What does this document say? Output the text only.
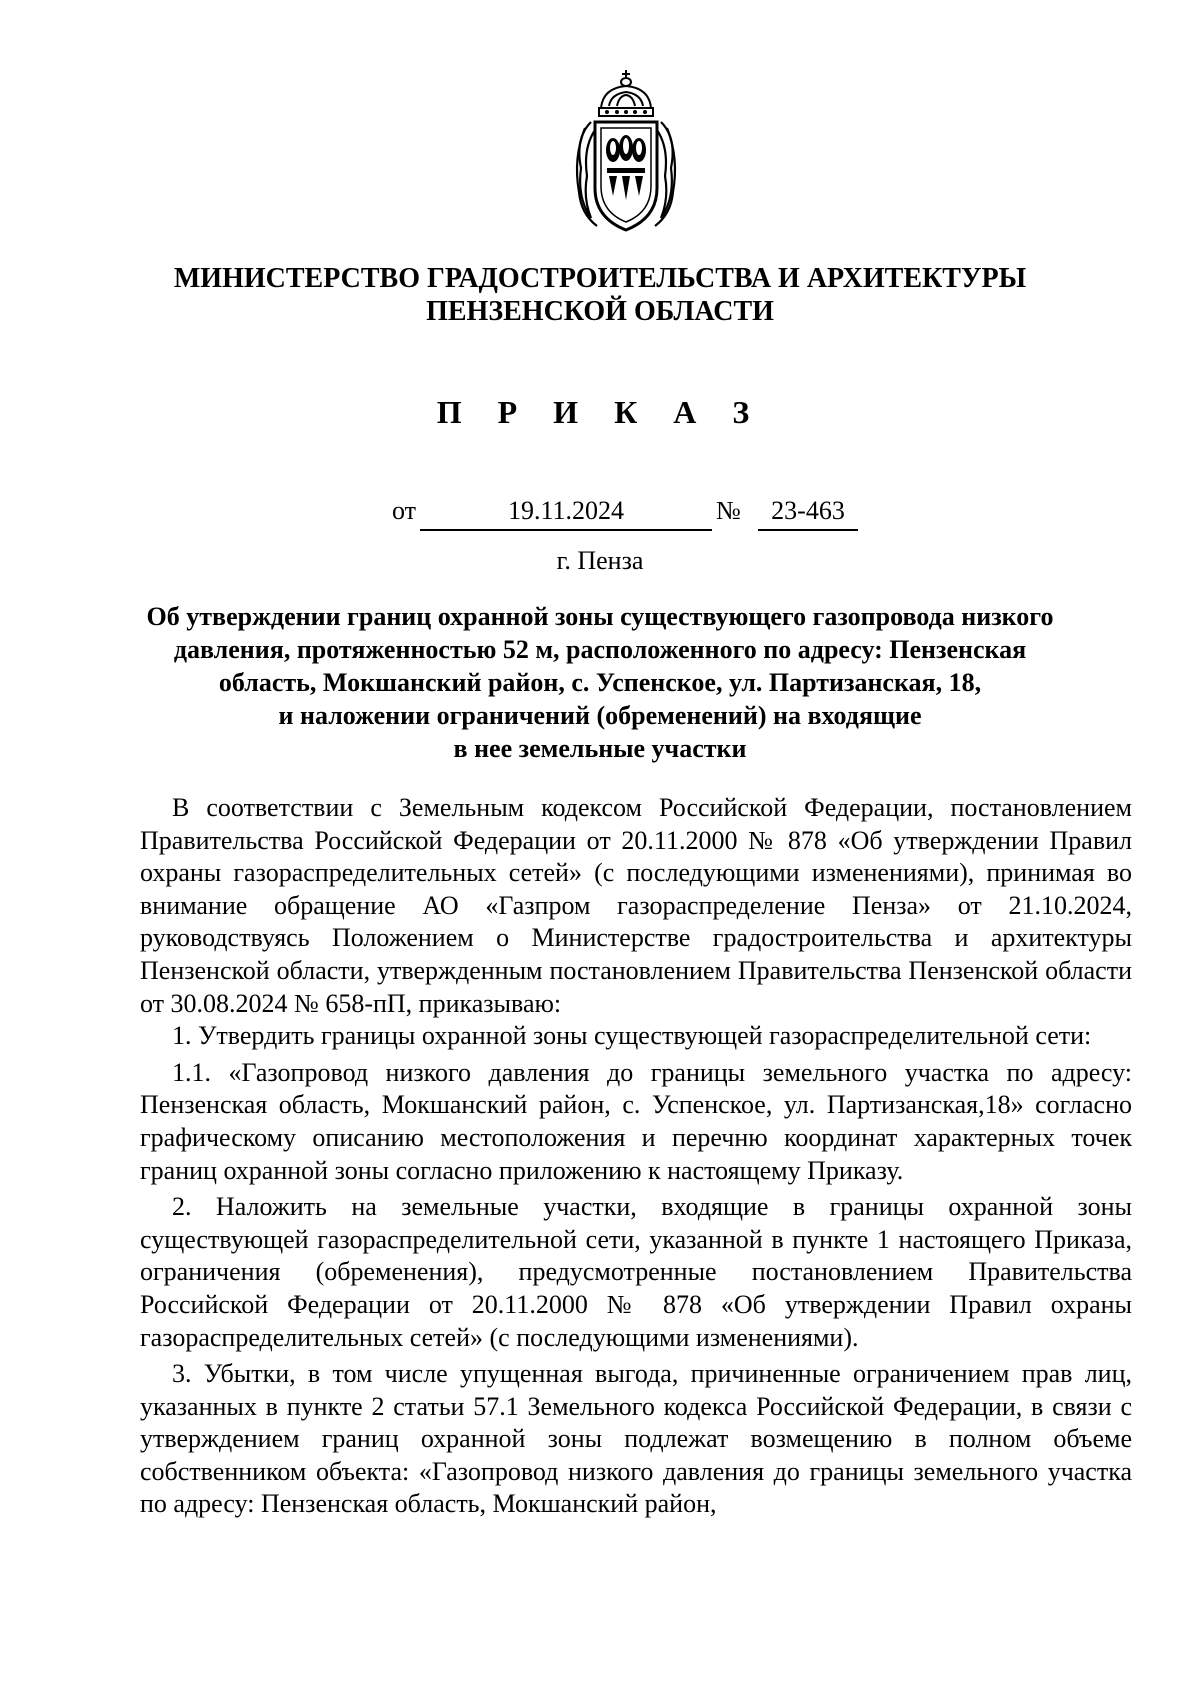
МИНИСТЕРСТВО ГРАДОСТРОИТЕЛЬСТВА И АРХИТЕКТУРЫ
ПЕНЗЕНСКОЙ ОБЛАСТИ
П Р И К А З
от	19.11.2024	№	23-463
г. Пенза
Об утверждении границ охранной зоны существующего газопровода низкого
давления, протяженностью 52 м, расположенного по адресу: Пензенская
область, Мокшанский район, с. Успенское, ул. Партизанская, 18,
и наложении ограничений (обременений) на входящие
в нее земельные участки

В соответствии с Земельным кодексом Российской Федерации, постановлением Правительства Российской Федерации от 20.11.2000 № 878 «Об утверждении Правил охраны газораспределительных сетей» (с последующими изменениями), принимая во внимание обращение АО «Газпром газораспределение Пенза» от 21.10.2024, руководствуясь Положением о Министерстве градостроительства и архитектуры Пензенской области, утвержденным постановлением Правительства Пензенской области от 30.08.2024 № 658-пП, приказываю:

1. Утвердить границы охранной зоны существующей газораспределительной сети:

1.1. «Газопровод низкого давления до границы земельного участка по адресу: Пензенская область, Мокшанский район, с. Успенское, ул. Партизанская,18» согласно графическому описанию местоположения и перечню координат характерных точек границ охранной зоны согласно приложению к настоящему Приказу.

2. Наложить на земельные участки, входящие в границы охранной зоны существующей газораспределительной сети, указанной в пункте 1 настоящего Приказа, ограничения (обременения), предусмотренные постановлением Правительства Российской Федерации от 20.11.2000 № 878 «Об утверждении Правил охраны газораспределительных сетей» (с последующими изменениями).

3. Убытки, в том числе упущенная выгода, причиненные ограничением прав лиц, указанных в пункте 2 статьи 57.1 Земельного кодекса Российской Федерации, в связи с утверждением границ охранной зоны подлежат возмещению в полном объеме собственником объекта: «Газопровод низкого давления до границы земельного участка по адресу: Пензенская область, Мокшанский район,
